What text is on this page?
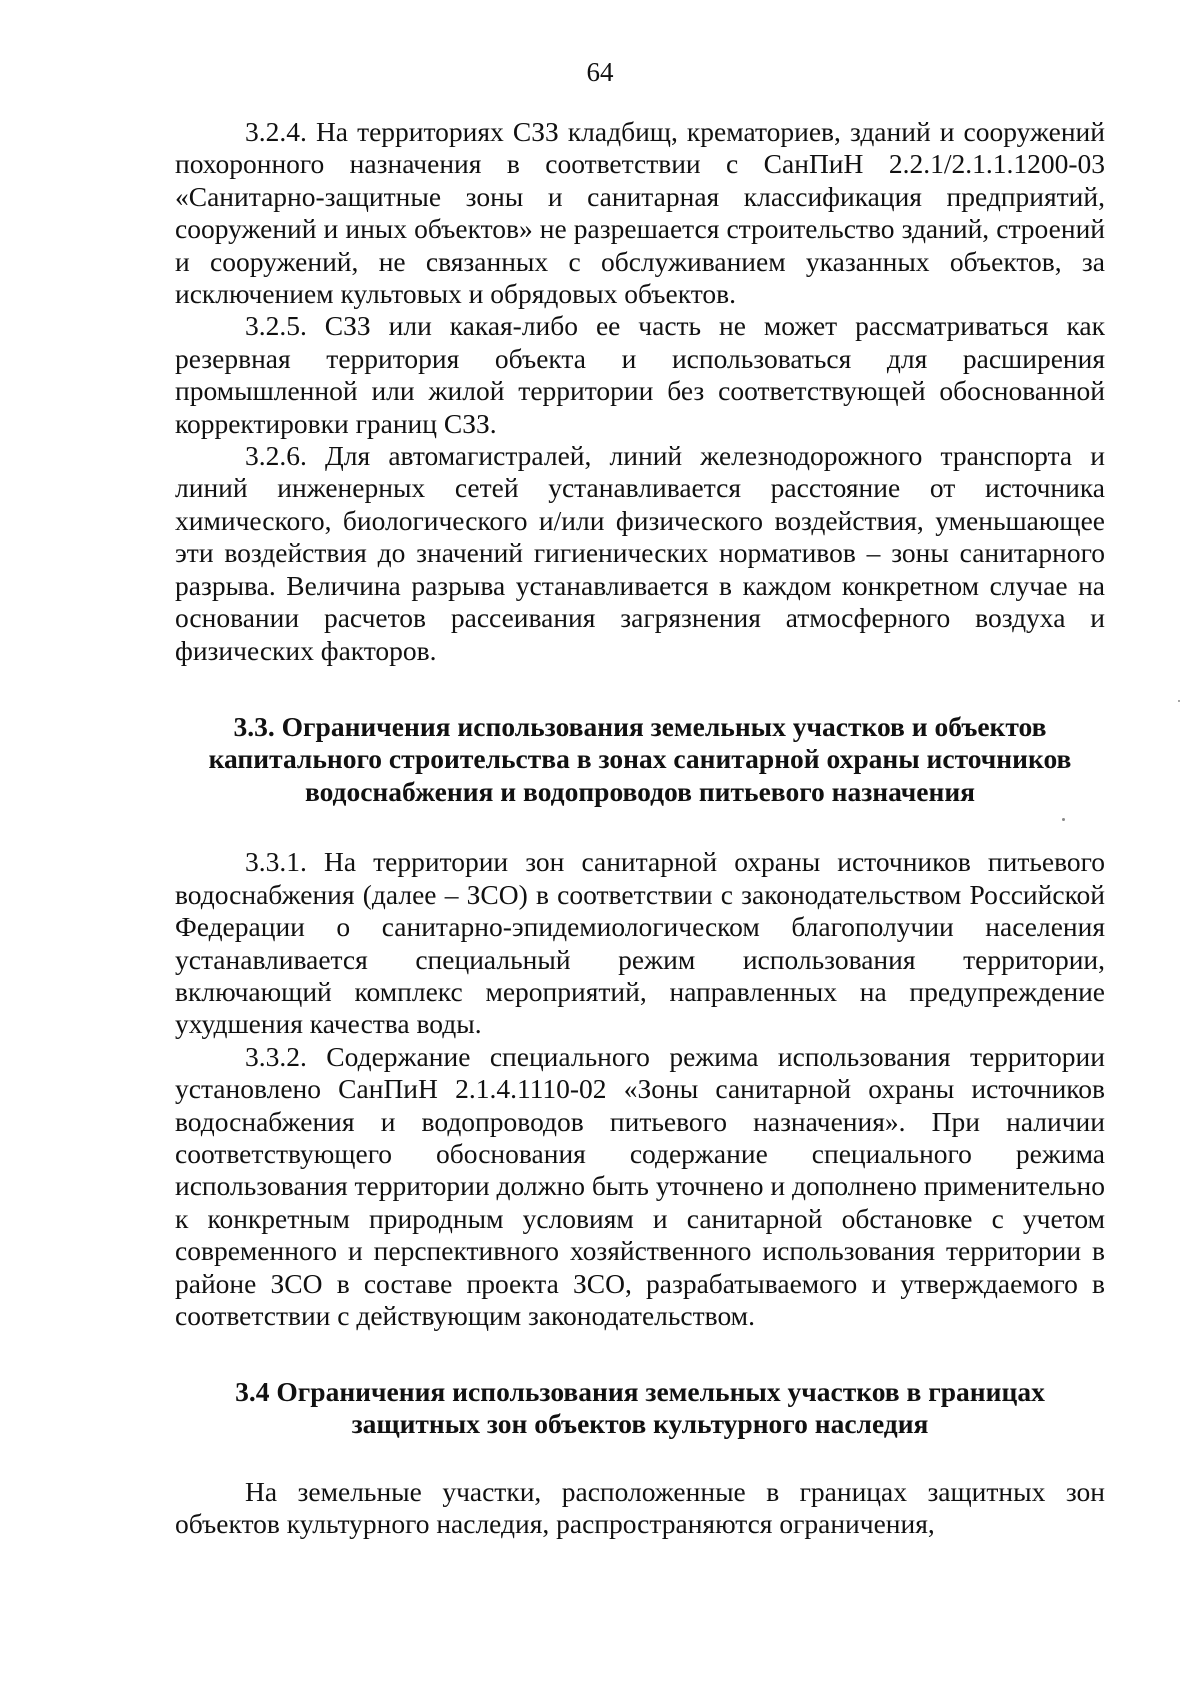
64

3.2.4. На территориях СЗЗ кладбищ, крематориев, зданий и сооружений похоронного назначения в соответствии с СанПиН 2.2.1/2.1.1.1200-03 «Санитарно-защитные зоны и санитарная классификация предприятий, сооружений и иных объектов» не разрешается строительство зданий, строений и сооружений, не связанных с обслуживанием указанных объектов, за исключением культовых и обрядовых объектов.

3.2.5. СЗЗ или какая-либо ее часть не может рассматриваться как резервная территория объекта и использоваться для расширения промышленной или жилой территории без соответствующей обоснованной корректировки границ СЗЗ.

3.2.6. Для автомагистралей, линий железнодорожного транспорта и линий инженерных сетей устанавливается расстояние от источника химического, биологического и/или физического воздействия, уменьшающее эти воздействия до значений гигиенических нормативов – зоны санитарного разрыва. Величина разрыва устанавливается в каждом конкретном случае на основании расчетов рассеивания загрязнения атмосферного воздуха и физических факторов.

3.3. Ограничения использования земельных участков и объектов
капитального строительства в зонах санитарной охраны источников
водоснабжения и водопроводов питьевого назначения

3.3.1. На территории зон санитарной охраны источников питьевого водоснабжения (далее – ЗСО) в соответствии с законодательством Российской Федерации о санитарно-эпидемиологическом благополучии населения устанавливается специальный режим использования территории, включающий комплекс мероприятий, направленных на предупреждение ухудшения качества воды.

3.3.2. Содержание специального режима использования территории установлено СанПиН 2.1.4.1110-02 «Зоны санитарной охраны источников водоснабжения и водопроводов питьевого назначения». При наличии соответствующего обоснования содержание специального режима использования территории должно быть уточнено и дополнено применительно к конкретным природным условиям и санитарной обстановке с учетом современного и перспективного хозяйственного использования территории в районе ЗСО в составе проекта ЗСО, разрабатываемого и утверждаемого в соответствии с действующим законодательством.

3.4 Ограничения использования земельных участков в границах
защитных зон объектов культурного наследия

На земельные участки, расположенные в границах защитных зон объектов культурного наследия, распространяются ограничения,
